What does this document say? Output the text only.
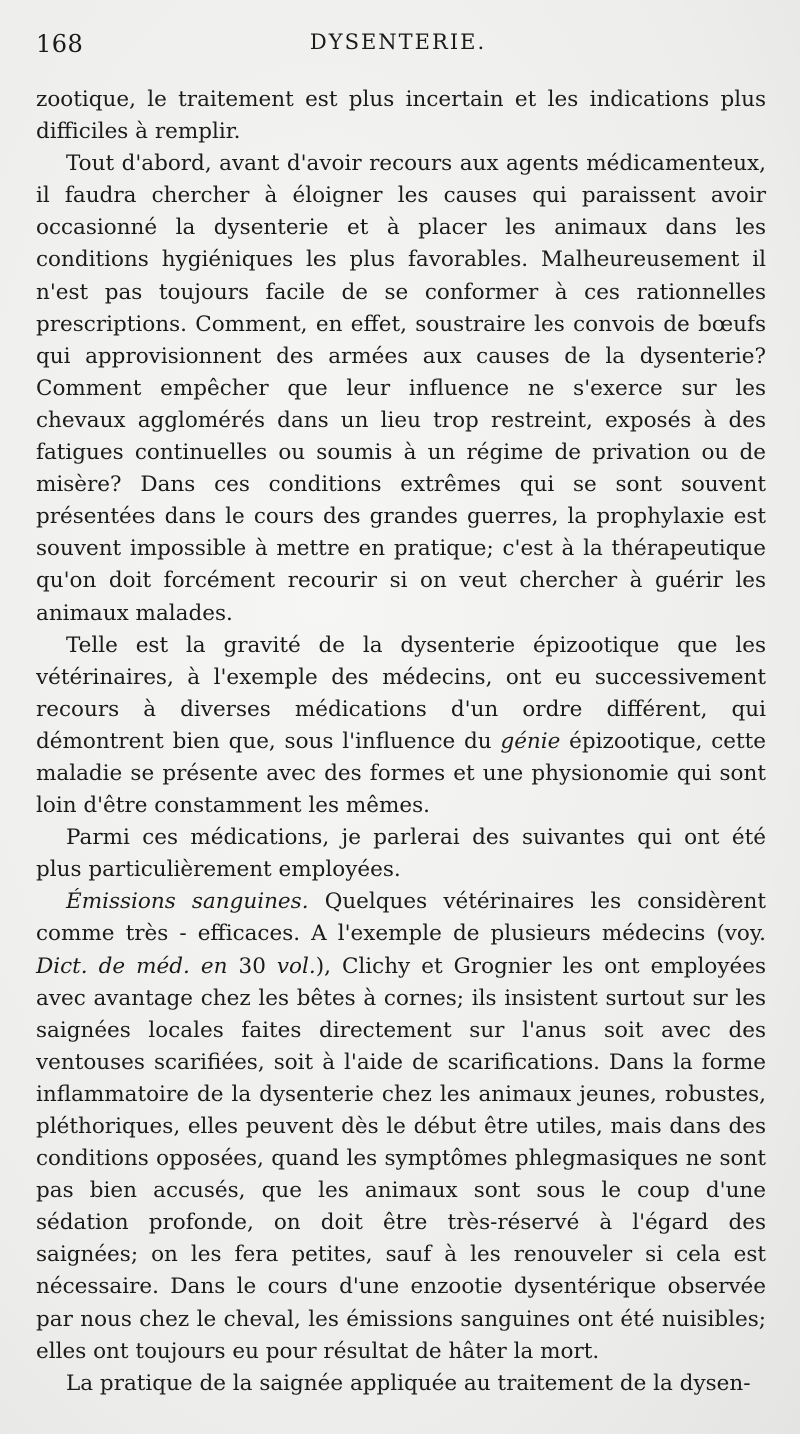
168	DYSENTERIE.

zootique, le traitement est plus incertain et les indications plus difficiles à remplir.

Tout d'abord, avant d'avoir recours aux agents médicamenteux, il faudra chercher à éloigner les causes qui paraissent avoir occasionné la dysenterie et à placer les animaux dans les conditions hygiéniques les plus favorables. Malheureusement il n'est pas toujours facile de se conformer à ces rationnelles prescriptions. Comment, en effet, soustraire les convois de bœufs qui approvisionnent des armées aux causes de la dysenterie? Comment empêcher que leur influence ne s'exerce sur les chevaux agglomérés dans un lieu trop restreint, exposés à des fatigues continuelles ou soumis à un régime de privation ou de misère? Dans ces conditions extrêmes qui se sont souvent présentées dans le cours des grandes guerres, la prophylaxie est souvent impossible à mettre en pratique; c'est à la thérapeutique qu'on doit forcément recourir si on veut chercher à guérir les animaux malades.

Telle est la gravité de la dysenterie épizootique que les vétérinaires, à l'exemple des médecins, ont eu successivement recours à diverses médications d'un ordre différent, qui démontrent bien que, sous l'influence du génie épizootique, cette maladie se présente avec des formes et une physionomie qui sont loin d'être constamment les mêmes.

Parmi ces médications, je parlerai des suivantes qui ont été plus particulièrement employées.

Émissions sanguines. Quelques vétérinaires les considèrent comme très - efficaces. A l'exemple de plusieurs médecins (voy. Dict. de méd. en 30 vol.), Clichy et Grognier les ont employées avec avantage chez les bêtes à cornes; ils insistent surtout sur les saignées locales faites directement sur l'anus soit avec des ventouses scarifiées, soit à l'aide de scarifications. Dans la forme inflammatoire de la dysenterie chez les animaux jeunes, robustes, pléthoriques, elles peuvent dès le début être utiles, mais dans des conditions opposées, quand les symptômes phlegmasiques ne sont pas bien accusés, que les animaux sont sous le coup d'une sédation profonde, on doit être très-réservé à l'égard des saignées; on les fera petites, sauf à les renouveler si cela est nécessaire. Dans le cours d'une enzootie dysentérique observée par nous chez le cheval, les émissions sanguines ont été nuisibles; elles ont toujours eu pour résultat de hâter la mort.

La pratique de la saignée appliquée au traitement de la dysen-
